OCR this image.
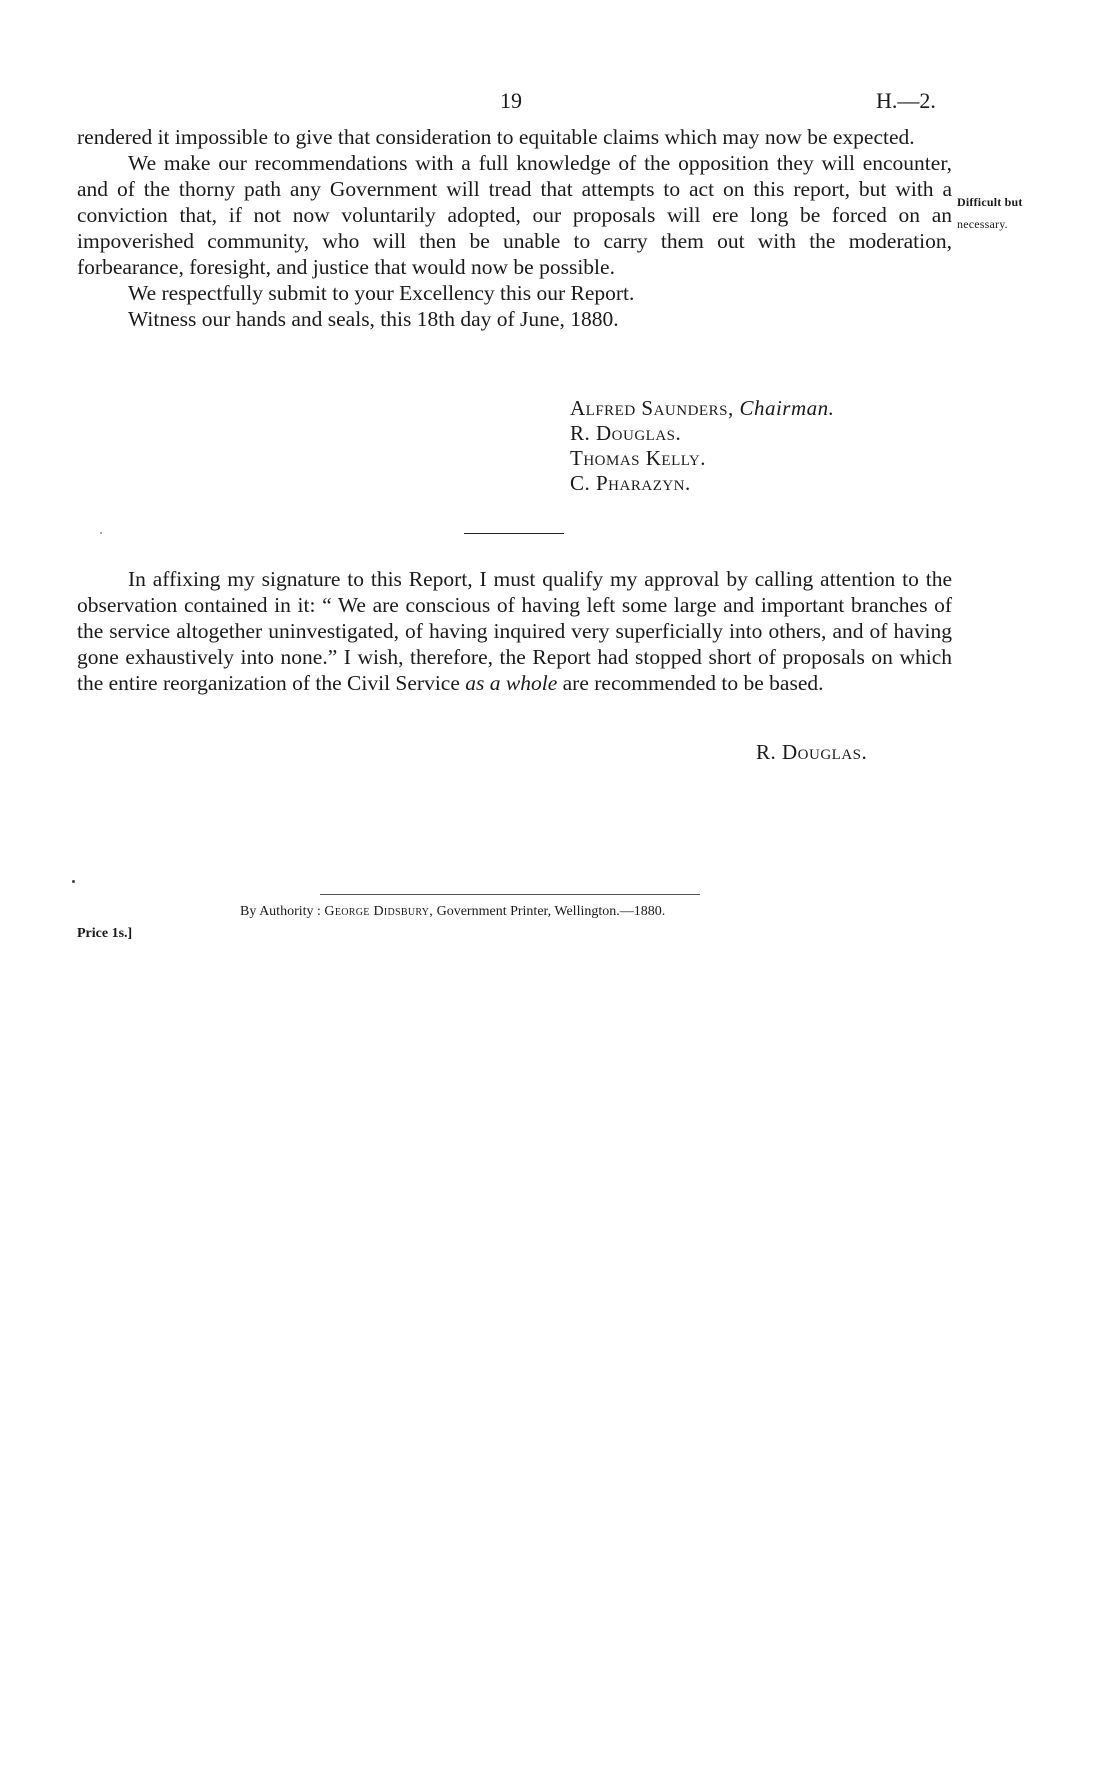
19	H.—2.

rendered it impossible to give that consideration to equitable claims which may now be expected.

We make our recommendations with a full knowledge of the opposition they will encounter, and of the thorny path any Government will tread that attempts to act on this report, but with a conviction that, if not now voluntarily adopted, our proposals will ere long be forced on an impoverished community, who will then be unable to carry them out with the moderation, forbearance, foresight, and justice that would now be possible.

We respectfully submit to your Excellency this our Report.

Witness our hands and seals, this 18th day of June, 1880.

Difficult but
necessary.
Alfred Saunders, Chairman.
R. Douglas.
Thomas Kelly.
C. Pharazyn.

In affixing my signature to this Report, I must qualify my approval by calling attention to the observation contained in it: “ We are conscious of having left some large and important branches of the service altogether uninvestigated, of having inquired very superficially into others, and of having gone exhaustively into none.” I wish, therefore, the Report had stopped short of proposals on which the entire reorganization of the Civil Service as a whole are recommended to be based.

R. Douglas.
By Authority : George Didsbury, Government Printer, Wellington.—1880.
Price 1s.]
